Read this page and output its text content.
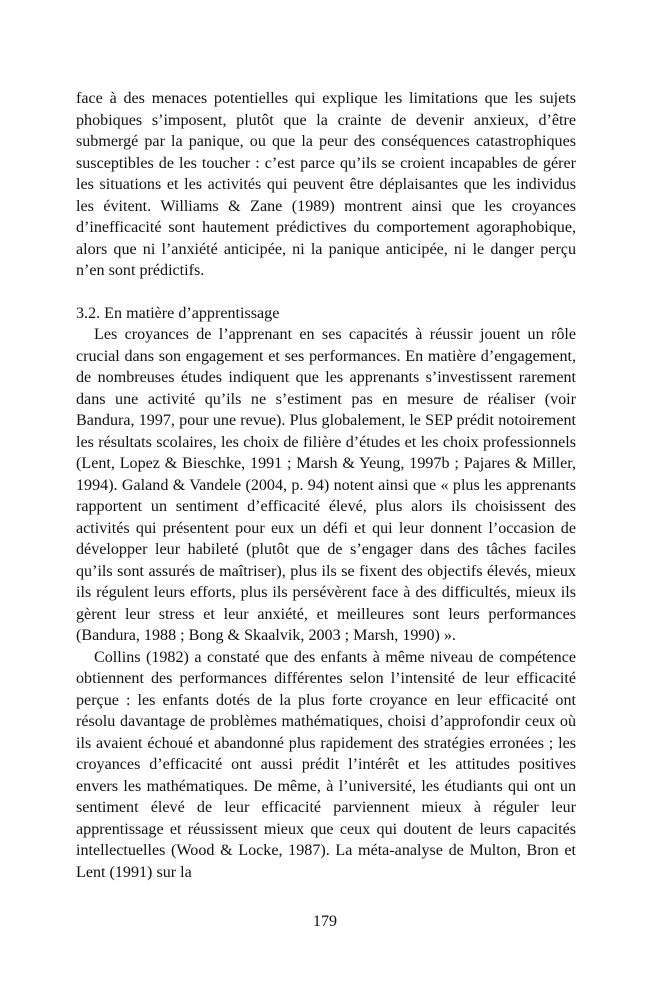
face à des menaces potentielles qui explique les limitations que les sujets phobiques s’imposent, plutôt que la crainte de devenir anxieux, d’être submergé par la panique, ou que la peur des conséquences catastrophiques susceptibles de les toucher : c’est parce qu’ils se croient incapables de gérer les situations et les activités qui peuvent être déplaisantes que les individus les évitent. Williams & Zane (1989) montrent ainsi que les croyances d’inefficacité sont hautement prédictives du comportement agoraphobique, alors que ni l’anxiété anticipée, ni la panique anticipée, ni le danger perçu n’en sont prédictifs.

3.2. En matière d’apprentissage

Les croyances de l’apprenant en ses capacités à réussir jouent un rôle crucial dans son engagement et ses performances. En matière d’engagement, de nombreuses études indiquent que les apprenants s’investissent rarement dans une activité qu’ils ne s’estiment pas en mesure de réaliser (voir Bandura, 1997, pour une revue). Plus globalement, le SEP prédit notoirement les résultats scolaires, les choix de filière d’études et les choix professionnels (Lent, Lopez & Bieschke, 1991 ; Marsh & Yeung, 1997b ; Pajares & Miller, 1994). Galand & Vandele (2004, p. 94) notent ainsi que « plus les apprenants rapportent un sentiment d’efficacité élevé, plus alors ils choisissent des activités qui présentent pour eux un défi et qui leur donnent l’occasion de développer leur habileté (plutôt que de s’engager dans des tâches faciles qu’ils sont assurés de maîtriser), plus ils se fixent des objectifs élevés, mieux ils régulent leurs efforts, plus ils persévèrent face à des difficultés, mieux ils gèrent leur stress et leur anxiété, et meilleures sont leurs performances (Bandura, 1988 ; Bong & Skaalvik, 2003 ; Marsh, 1990) ».

Collins (1982) a constaté que des enfants à même niveau de compétence obtiennent des performances différentes selon l’intensité de leur efficacité perçue : les enfants dotés de la plus forte croyance en leur efficacité ont résolu davantage de problèmes mathématiques, choisi d’approfondir ceux où ils avaient échoué et abandonné plus rapidement des stratégies erronées ; les croyances d’efficacité ont aussi prédit l’intérêt et les attitudes positives envers les mathématiques. De même, à l’université, les étudiants qui ont un sentiment élevé de leur efficacité parviennent mieux à réguler leur apprentissage et réussissent mieux que ceux qui doutent de leurs capacités intellectuelles (Wood & Locke, 1987). La méta-analyse de Multon, Bron et Lent (1991) sur la

179
